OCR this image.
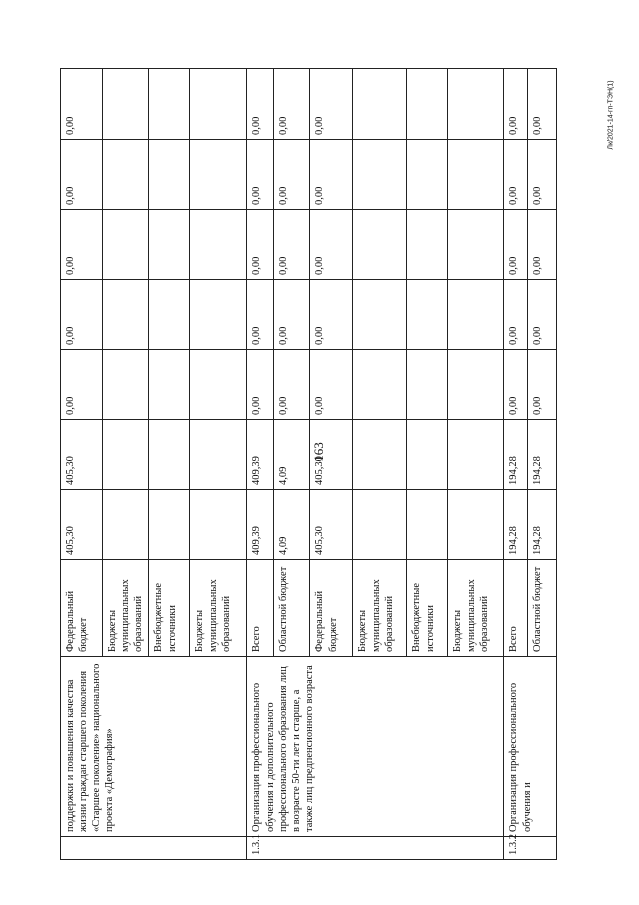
163
Лк/2021-14-гп-ТЭН(1)
	поддержки и повышения качества жизни граждан старшего поколения «Старшее поколение» национального проекта «Демография»	Федеральный бюджет	405,30	405,30	0,00	0,00	0,00	0,00	0,00
		Бюджеты муниципальных образований							
		Внебюджетные источники							
		Бюджеты муниципальных образований							
1.3.1	Организация профессионального обучения и дополнительного профессионального образования лиц в возрасте 50-ти лет и старше, а также лиц предпенсионного возраста	Всего	409,39	409,39	0,00	0,00	0,00	0,00	0,00
		Областной бюджет	4,09	4,09	0,00	0,00	0,00	0,00	0,00
		Федеральный бюджет	405,30	405,30	0,00	0,00	0,00	0,00	0,00
		Бюджеты муниципальных образований							
		Внебюджетные источники							
		Бюджеты муниципальных образований							
1.3.2	Организация профессионального обучения и	Всего	194,28	194,28	0,00	0,00	0,00	0,00	0,00
		Областной бюджет	194,28	194,28	0,00	0,00	0,00	0,00	0,00
